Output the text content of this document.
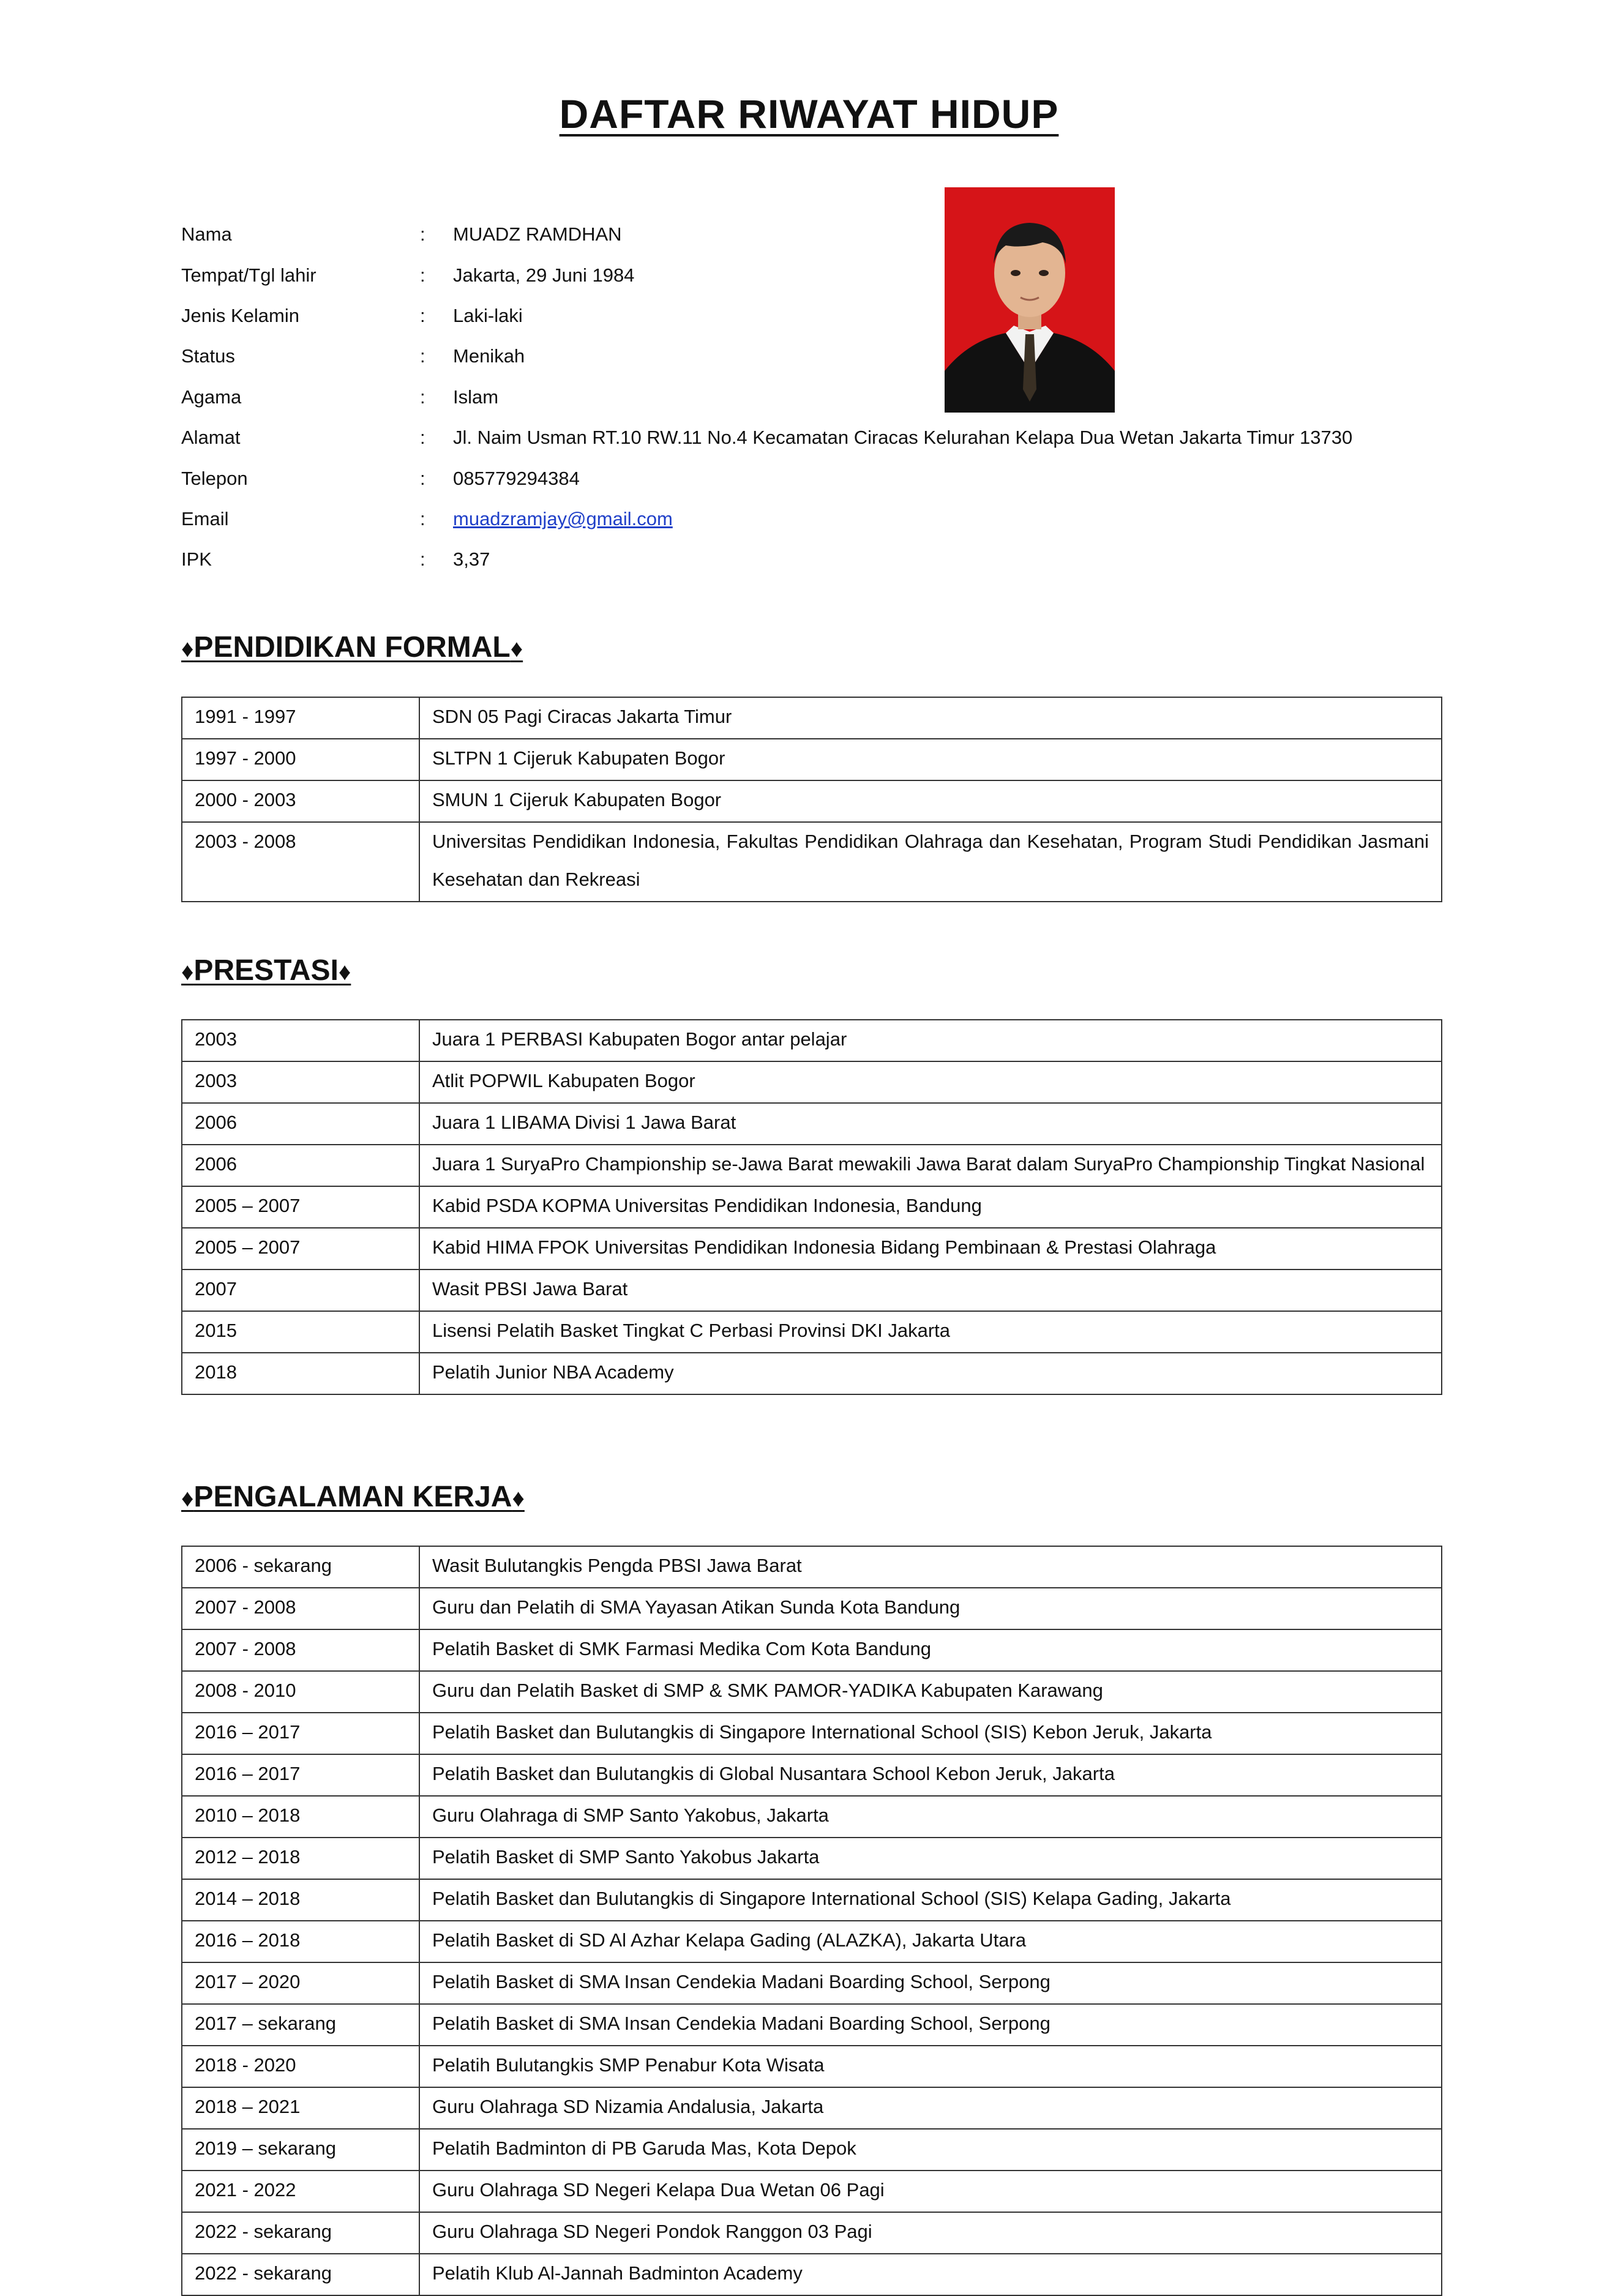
DAFTAR RIWAYAT HIDUP
Nama	:	MUADZ RAMDHAN
Tempat/Tgl lahir	:	Jakarta, 29 Juni 1984
Jenis Kelamin	:	Laki-laki
Status	:	Menikah
Agama	:	Islam
Alamat	:	Jl. Naim Usman RT.10 RW.11 No.4 Kecamatan Ciracas Kelurahan Kelapa Dua Wetan Jakarta Timur 13730
Telepon	:	085779294384
Email	:	muadzramjay@gmail.com
IPK	:	3,37
♦PENDIDIKAN FORMAL♦
1991 - 1997	SDN 05 Pagi Ciracas Jakarta Timur
1997 - 2000	SLTPN 1 Cijeruk Kabupaten Bogor
2000 - 2003	SMUN 1 Cijeruk Kabupaten Bogor
2003 - 2008	Universitas Pendidikan Indonesia, Fakultas Pendidikan Olahraga dan Kesehatan, Program Studi Pendidikan Jasmani Kesehatan dan Rekreasi
♦PRESTASI♦
2003	Juara 1 PERBASI Kabupaten Bogor antar pelajar
2003	Atlit POPWIL Kabupaten Bogor
2006	Juara 1 LIBAMA Divisi 1 Jawa Barat
2006	Juara 1 SuryaPro Championship se-Jawa Barat mewakili Jawa Barat dalam SuryaPro Championship Tingkat Nasional
2005 – 2007	Kabid PSDA KOPMA Universitas Pendidikan Indonesia, Bandung
2005 – 2007	Kabid HIMA FPOK Universitas Pendidikan Indonesia Bidang Pembinaan & Prestasi Olahraga
2007	Wasit PBSI Jawa Barat
2015	Lisensi Pelatih Basket Tingkat C Perbasi Provinsi DKI Jakarta
2018	Pelatih Junior NBA Academy
♦PENGALAMAN KERJA♦
2006 - sekarang	Wasit Bulutangkis Pengda PBSI Jawa Barat
2007 - 2008	Guru dan Pelatih di SMA Yayasan Atikan Sunda Kota Bandung
2007 - 2008	Pelatih Basket di SMK Farmasi Medika Com Kota Bandung
2008 - 2010	Guru dan Pelatih Basket di SMP & SMK PAMOR-YADIKA Kabupaten Karawang
2016 – 2017	Pelatih Basket dan Bulutangkis di Singapore International School (SIS) Kebon Jeruk, Jakarta
2016 – 2017	Pelatih Basket dan Bulutangkis di Global Nusantara School Kebon Jeruk, Jakarta
2010 – 2018	Guru Olahraga di SMP Santo Yakobus, Jakarta
2012 – 2018	Pelatih Basket di SMP Santo Yakobus Jakarta
2014 – 2018	Pelatih Basket dan Bulutangkis di Singapore International School (SIS) Kelapa Gading, Jakarta
2016 – 2018	Pelatih Basket di SD Al Azhar Kelapa Gading (ALAZKA), Jakarta Utara
2017 – 2020	Pelatih Basket di SMA Insan Cendekia Madani Boarding School, Serpong
2017 – sekarang	Pelatih Basket di SMA Insan Cendekia Madani Boarding School, Serpong
2018 - 2020	Pelatih Bulutangkis SMP Penabur Kota Wisata
2018 – 2021	Guru Olahraga SD Nizamia Andalusia, Jakarta
2019 – sekarang	Pelatih Badminton di PB Garuda Mas, Kota Depok
2021 - 2022	Guru Olahraga SD Negeri Kelapa Dua Wetan 06 Pagi
2022 - sekarang	Guru Olahraga SD Negeri Pondok Ranggon 03 Pagi
2022 - sekarang	Pelatih Klub Al-Jannah Badminton Academy
